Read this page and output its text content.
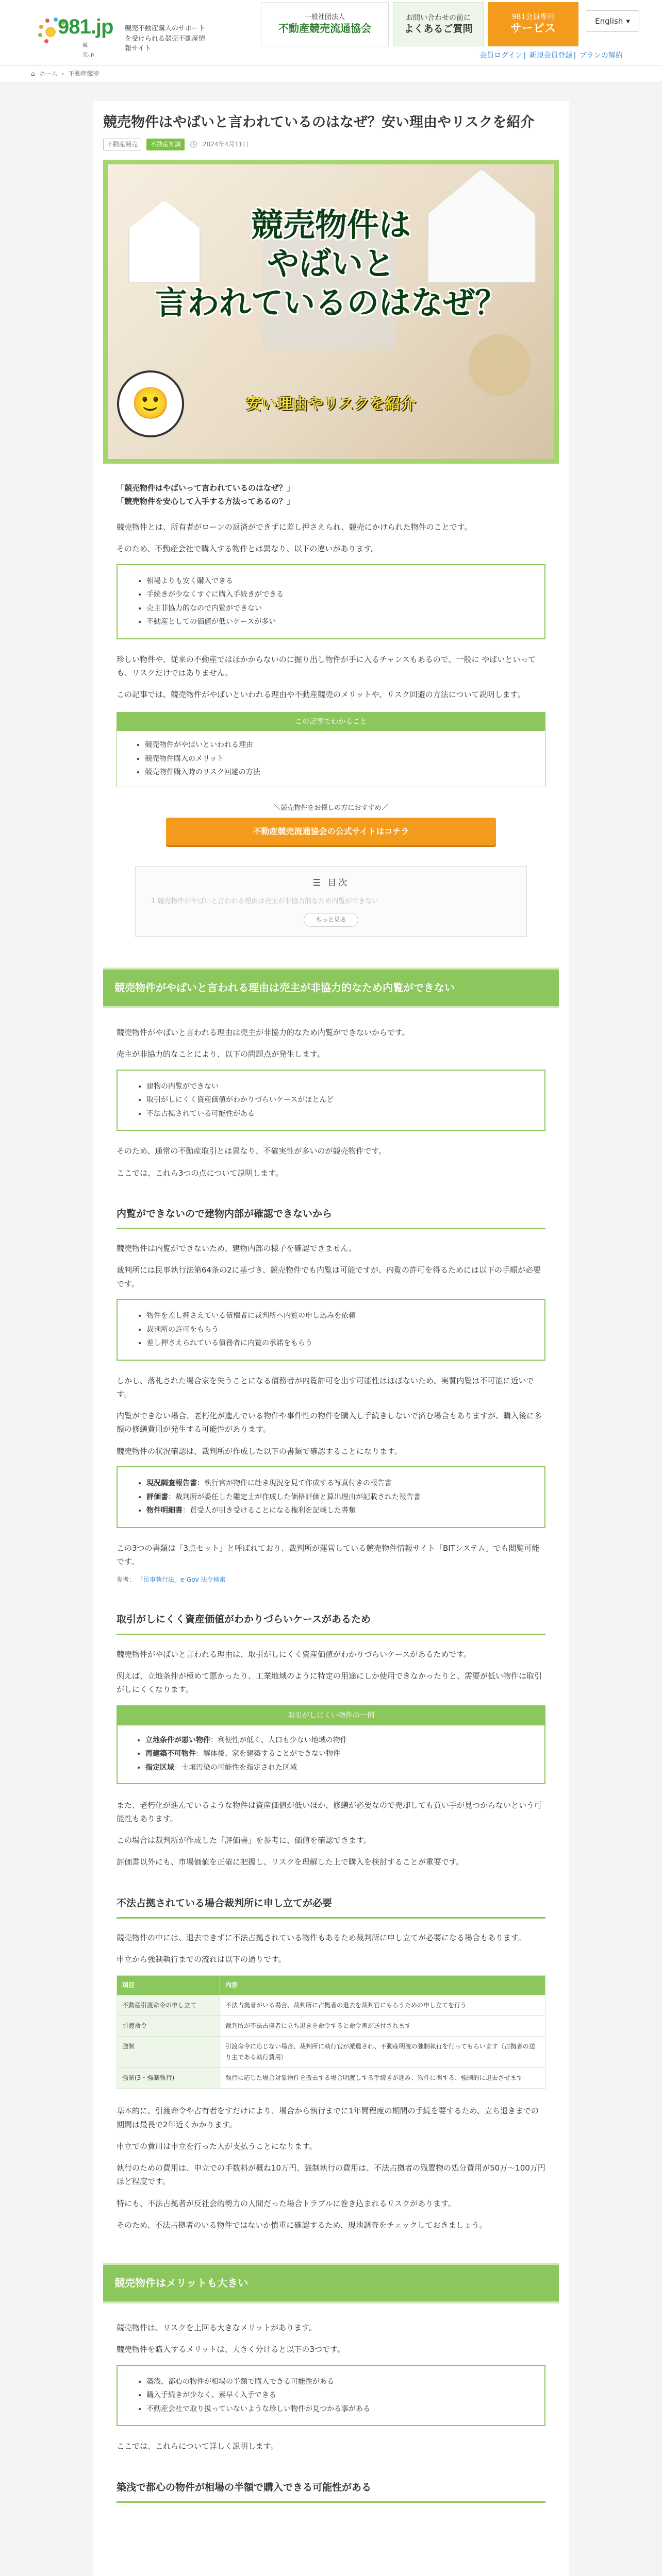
981.jp
競売.jp
競売不動産購入のサポートを受けられる競売不動産情報サイト
一般社団法人
不動産競売流通協会
お問い合わせの前に
よくあるご質問
981会員専用
サービス
English ▾
会員ログイン | 新規会員登録 | プランの解約
⌂ ホーム › 不動産競売
競売物件はやばいと言われているのはなぜ？安い理由やリスクを紹介
不動産競売	不動産知識	🕒 2024年4月11日
競売物件は
やばいと
言われているのはなぜ？
安い理由やリスクを紹介
🙂

「競売物件はやばいって言われているのはなぜ？」

「競売物件を安心して入手する方法ってあるの？」

競売物件とは、所有者がローンの返済ができずに差し押さえられ、競売にかけられた物件のことです。

そのため、不動産会社で購入する物件とは異なり、以下の違いがあります。

• 相場よりも安く購入できる
• 手続きが少なくすぐに購入手続きができる
• 売主非協力的なので内覧ができない
• 不動産としての価値が低いケースが多い

珍しい物件や、従来の不動産ではほかからないのに掘り出し物件が手に入るチャンスもあるので、一般に やばいといっても、リスクだけではありません。

この記事では、競売物件がやばいといわれる理由や不動産競売のメリットや、リスク回避の方法について説明します。

この記事でわかること
• 競売物件がやばいといわれる理由
• 競売物件購入のメリット
• 競売物件購入時のリスク回避の方法
＼競売物件をお探しの方におすすめ／
不動産競売流通協会の公式サイトはコチラ
☰ 目次
1 競売物件がやばいと言われる理由は売主が非協力的なため内覧ができない
もっと見る
競売物件がやばいと言われる理由は売主が非協力的なため内覧ができない

競売物件がやばいと言われる理由は売主が非協力的なため内覧ができないからです。

売主が非協力的なことにより、以下の問題点が発生します。

• 建物の内覧ができない
• 取引がしにくく資産価値がわかりづらいケースがほとんど
• 不法占拠されている可能性がある

そのため、通常の不動産取引とは異なり、不確実性が多いのが競売物件です。

ここでは、これら3つの点について説明します。

内覧ができないので建物内部が確認できないから

競売物件は内覧ができないため、建物内部の様子を確認できません。

裁判所には民事執行法第64条の2に基づき、競売物件でも内覧は可能ですが、内覧の許可を得るためには以下の手順が必要です。

• 物件を差し押さえている債権者に裁判所へ内覧の申し込みを依頼
• 裁判所の許可をもらう
• 差し押さえられている債務者に内覧の承諾をもらう

しかし、落札された場合家を失うことになる債務者が内覧許可を出す可能性はほぼないため、実質内覧は不可能に近いです。

内覧ができない場合、老朽化が進んでいる物件や事件性の物件を購入し手続きしないで済む場合もありますが、購入後に多額の修繕費用が発生する可能性があります。

競売物件の状況確認は、裁判所が作成した以下の書類で確認することになります。

• 現況調査報告書：執行官が物件に赴き現況を見て作成する写真付きの報告書
• 評価書：裁判所が委任した鑑定士が作成した価格評価と算出理由が記載された報告書
• 物件明細書：買受人が引き受けることになる権利を記載した書類

この3つの書類は「3点セット」と呼ばれており、裁判所が運営している競売物件情報サイト「BITシステム」でも閲覧可能です。

参考： 「民事執行法」e-Gov 法令検索
取引がしにくく資産価値がわかりづらいケースがあるため

競売物件がやばいと言われる理由は、取引がしにくく資産価値がわかりづらいケースがあるためです。

例えば、立地条件が極めて悪かったり、工業地域のように特定の用途にしか使用できなかったりと、需要が低い物件は取引がしにくくなります。

取引がしにくい物件の一例
• 立地条件が悪い物件：利便性が低く、人口も少ない地域の物件
• 再建築不可物件：解体後、家を建築することができない物件
• 指定区域：土壌汚染の可能性を指定された区域

また、老朽化が進んでいるような物件は資産価値が低いほか、修繕が必要なので売却しても買い手が見つからないという可能性もあります。

この場合は裁判所が作成した「評価書」を参考に、価値を確認できます。

評価書以外にも、市場価値を正確に把握し、リスクを理解した上で購入を検討することが重要です。

不法占拠されている場合裁判所に申し立てが必要

競売物件の中には、退去できずに不法占拠されている物件もあるため裁判所に申し立てが必要になる場合もあります。

申立から強制執行までの流れは以下の通りです。

項目	内容
不動産引渡命令の申し立て	不法占拠者がいる場合、裁判所に占拠者の退去を裁判官にもらうための申し立てを行う
引渡命令	裁判所が不法占拠者に立ち退きを命令すると命令書が送付されます
強制	引渡命令に応じない場合、裁判所に執行官が派遣され、不動産明渡の強制執行を行ってもらいます（占拠者の送り主である執行費用）
強制(3・強制執行)	執行に応じた場合対象物件を撤去する場合明渡しする手続きが進み、物件に関する、強制的に退去させます

基本的に、引渡命令や占有者をすだけにより、場合から執行までに1年間程度の期間の手続を要するため、立ち退きまでの期間は最長で2年近くかかります。

申立での費用は申立を行った人が支払うことになります。

執行のための費用は、申立での手数料が概ね10万円、強制執行の費用は、不法占拠者の残置物の処分費用が50万〜100万円ほど程度です。

特にも、不法占拠者が反社会的勢力の人間だった場合トラブルに巻き込まれるリスクがあります。

そのため、不法占拠者のいる物件ではないか慎重に確認するため、現地調査をチェックしておきましょう。

競売物件はメリットも大きい

競売物件は、リスクを上回る大きなメリットがあります。

競売物件を購入するメリットは、大きく分けると以下の3つです。

• 築浅、都心の物件が相場の半額で購入できる可能性がある
• 購入手続きが少なく、素早く入手できる
• 不動産会社で取り扱っていないような珍しい物件が見つかる事がある

ここでは、これらについて詳しく説明します。

築浅で都心の物件が相場の半額で購入できる可能性がある
